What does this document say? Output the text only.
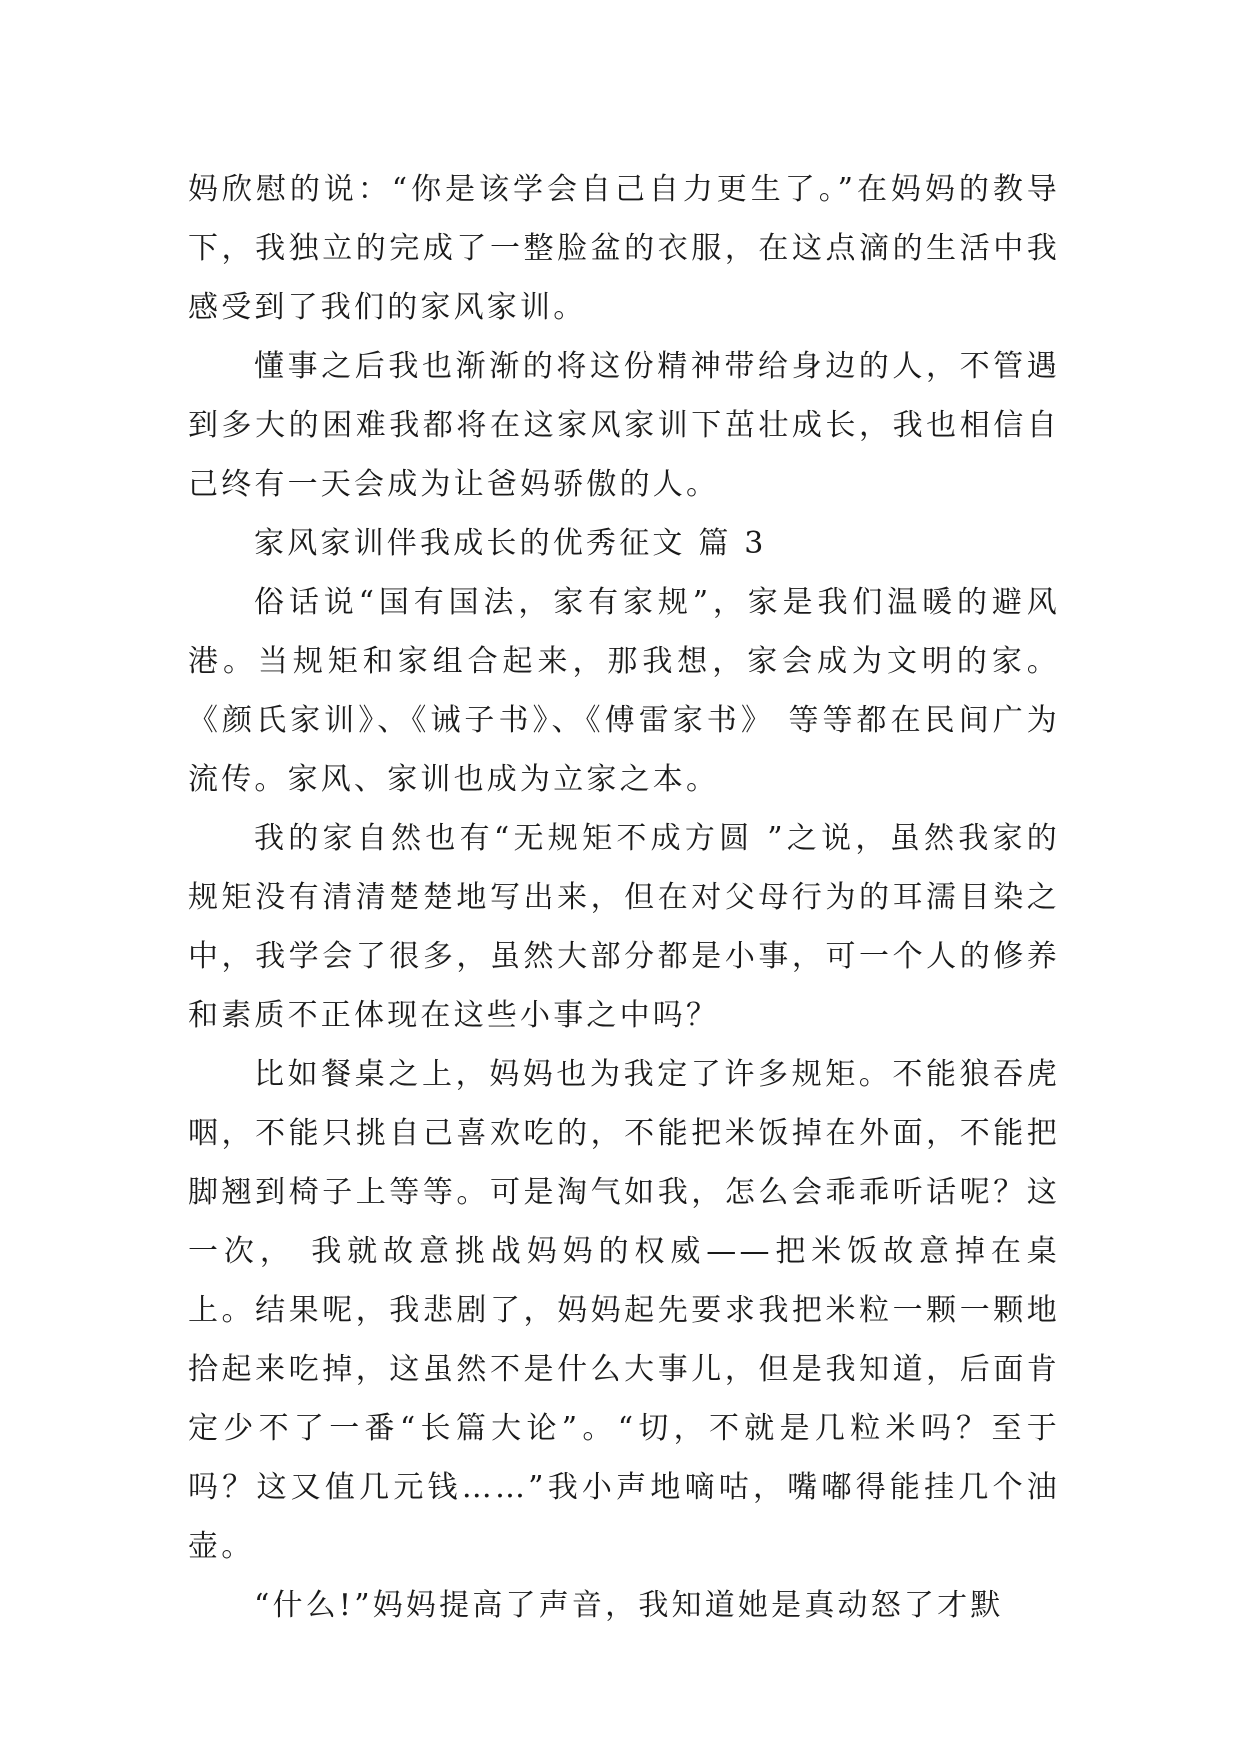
妈欣慰的说：“你是该学会自己自力更生了。”在妈妈的教导下，我独立的完成了一整脸盆的衣服，在这点滴的生活中我感受到了我们的家风家训。

懂事之后我也渐渐的将这份精神带给身边的人，不管遇到多大的困难我都将在这家风家训下茁壮成长，我也相信自己终有一天会成为让爸妈骄傲的人。

家风家训伴我成长的优秀征文 篇 3

俗话说“国有国法，家有家规”，家是我们温暖的避风港。当规矩和家组合起来，那我想，家会成为文明的家。《颜氏家训》、《诫子书》、《傅雷家书》 等等都在民间广为流传。家风、家训也成为立家之本。

我的家自然也有“无规矩不成方圆 ”之说，虽然我家的规矩没有清清楚楚地写出来，但在对父母行为的耳濡目染之中，我学会了很多，虽然大部分都是小事，可一个人的修养和素质不正体现在这些小事之中吗？

比如餐桌之上，妈妈也为我定了许多规矩。不能狼吞虎咽，不能只挑自己喜欢吃的，不能把米饭掉在外面，不能把脚翘到椅子上等等。可是淘气如我，怎么会乖乖听话呢？这一次， 我就故意挑战妈妈的权威——把米饭故意掉在桌上。结果呢，我悲剧了，妈妈起先要求我把米粒一颗一颗地拾起来吃掉，这虽然不是什么大事儿，但是我知道，后面肯定少不了一番“长篇大论”。“切，不就是几粒米吗？至于吗？这又值几元钱……”我小声地嘀咕，嘴嘟得能挂几个油壶。

“什么!”妈妈提高了声音，我知道她是真动怒了才默
